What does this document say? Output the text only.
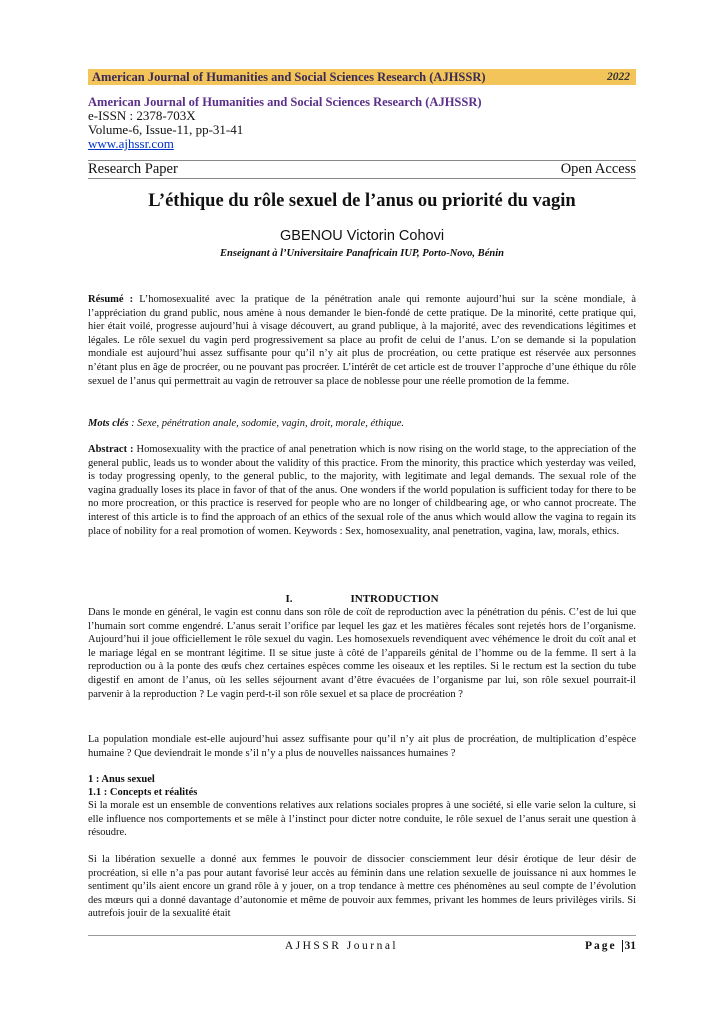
American Journal of Humanities and Social Sciences Research (AJHSSR)	2022
American Journal of Humanities and Social Sciences Research (AJHSSR)
e-ISSN : 2378-703X
Volume-6, Issue-11, pp-31-41
www.ajhssr.com
Research Paper	Open Access
L’éthique du rôle sexuel de l’anus ou priorité du vagin
GBENOU Victorin Cohovi
Enseignant à l’Universitaire Panafricain IUP, Porto-Novo, Bénin
Résumé : L’homosexualité avec la pratique de la pénétration anale qui remonte aujourd’hui sur la scène mondiale, à l’appréciation du grand public, nous amène à nous demander le bien-fondé de cette pratique. De la minorité, cette pratique qui, hier était voilé, progresse aujourd’hui à visage découvert, au grand publique, à la majorité, avec des revendications légitimes et légales. Le rôle sexuel du vagin perd progressivement sa place au profit de celui de l’anus. L’on se demande si la population mondiale est aujourd’hui assez suffisante pour qu’il n’y ait plus de procréation, ou cette pratique est réservée aux personnes n’étant plus en âge de procréer, ou ne pouvant pas procréer. L’intérêt de cet article est de trouver l’approche d’une éthique du rôle sexuel de l’anus qui permettrait au vagin de retrouver sa place de noblesse pour une réelle promotion de la femme.
Mots clés : Sexe, pénétration anale, sodomie, vagin, droit, morale, éthique.
Abstract : Homosexuality with the practice of anal penetration which is now rising on the world stage, to the appreciation of the general public, leads us to wonder about the validity of this practice. From the minority, this practice which yesterday was veiled, is today progressing openly, to the general public, to the majority, with legitimate and legal demands. The sexual role of the vagina gradually loses its place in favor of that of the anus. One wonders if the world population is sufficient today for there to be no more procreation, or this practice is reserved for people who are no longer of childbearing age, or who cannot procreate. The interest of this article is to find the approach of an ethics of the sexual role of the anus which would allow the vagina to regain its place of nobility for a real promotion of women. Keywords : Sex, homosexuality, anal penetration, vagina, law, morals, ethics.
I.	INTRODUCTION
Dans le monde en général, le vagin est connu dans son rôle de coït de reproduction avec la pénétration du pénis. C’est de lui que l’humain sort comme engendré. L’anus serait l’orifice par lequel les gaz et les matières fécales sont rejetés hors de l’organisme. Aujourd’hui il joue officiellement le rôle sexuel du vagin. Les homosexuels revendiquent avec véhémence le droit du coït anal et le mariage légal en se montrant légitime. Il se situe juste à côté de l’appareils génital de l’homme ou de la femme. Il sert à la reproduction ou à la ponte des œufs chez certaines espèces comme les oiseaux et les reptiles. Si le rectum est la section du tube digestif en amont de l’anus, où les selles séjournent avant d’être évacuées de l’organisme par lui, son rôle sexuel pourrait-il parvenir à la reproduction ? Le vagin perd-t-il son rôle sexuel et sa place de procréation ?
La population mondiale est-elle aujourd’hui assez suffisante pour qu’il n’y ait plus de procréation, de multiplication d’espèce humaine ? Que deviendrait le monde s’il n’y a plus de nouvelles naissances humaines ?
1 : Anus sexuel
1.1 : Concepts et réalités
Si la morale est un ensemble de conventions relatives aux relations sociales propres à une société, si elle varie selon la culture, si elle influence nos comportements et se mêle à l’instinct pour dicter notre conduite, le rôle sexuel de l’anus serait une question à résoudre.
Si la libération sexuelle a donné aux femmes le pouvoir de dissocier consciemment leur désir érotique de leur désir de procréation, si elle n’a pas pour autant favorisé leur accès au féminin dans une relation sexuelle de jouissance ni aux hommes le sentiment qu’ils aient encore un grand rôle à y jouer, on a trop tendance à mettre ces phénomènes au seul compte de l’évolution des mœurs qui a donné davantage d’autonomie et même de pouvoir aux femmes, privant les hommes de leurs privilèges virils. Si autrefois jouir de la sexualité était
AJHSSR Journal	Page 31
